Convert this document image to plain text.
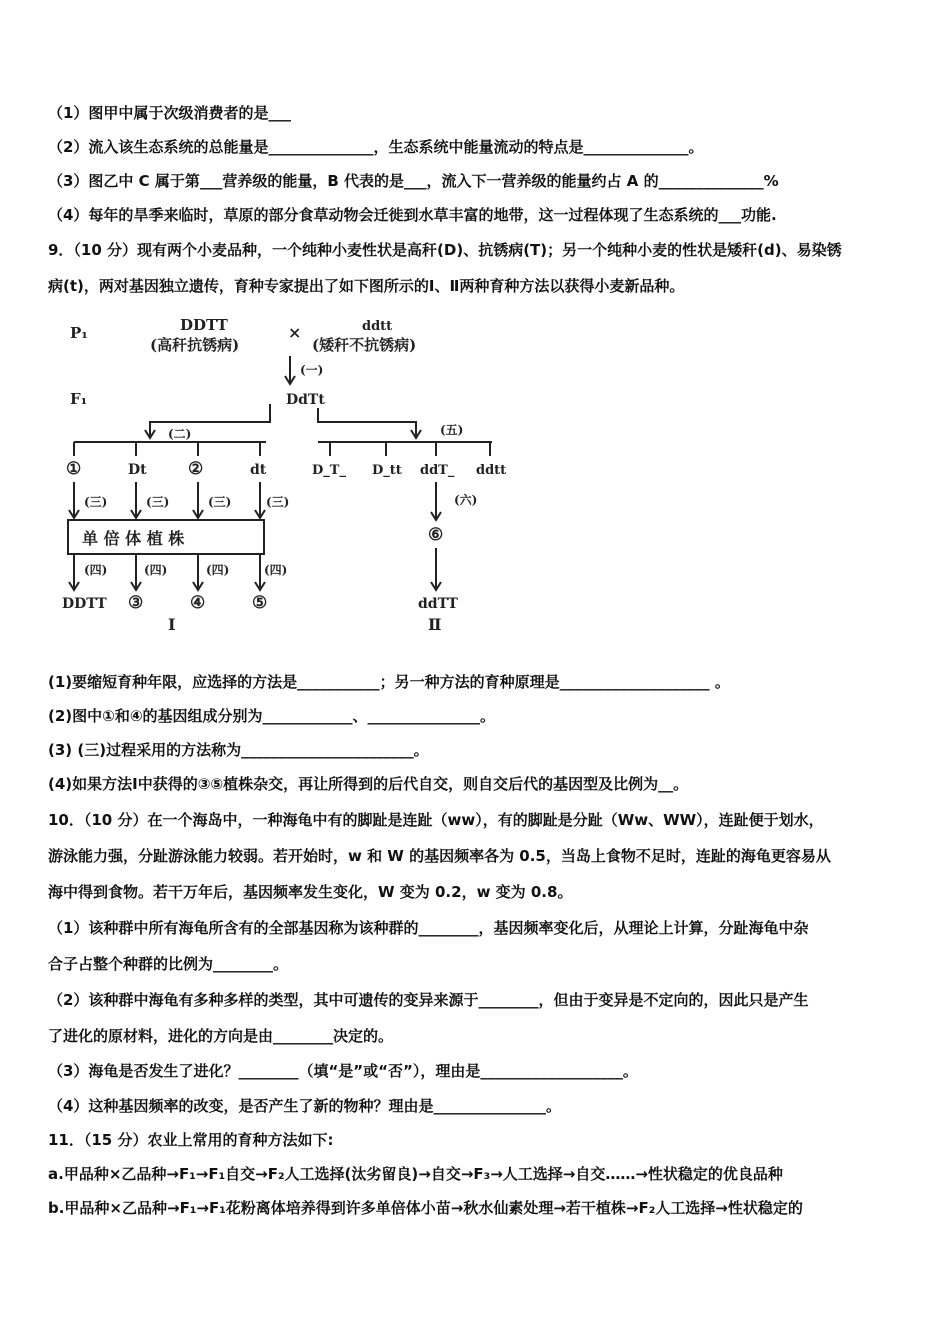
（1）图甲中属于次级消费者的是___
（2）流入该生态系统的总能量是______________，生态系统中能量流动的特点是______________。
（3）图乙中 C 属于第___营养级的能量，B 代表的是___，流入下一营养级的能量约占 A 的______________%
（4）每年的旱季来临时，草原的部分食草动物会迁徙到水草丰富的地带，这一过程体现了生态系统的___功能.
9．（10 分）现有两个小麦品种，一个纯种小麦性状是高秆(D)、抗锈病(T)；另一个纯种小麦的性状是矮秆(d)、易染锈
病(t)，两对基因独立遗传，育种专家提出了如下图所示的Ⅰ、Ⅱ两种育种方法以获得小麦新品种。
P₁	DDTT
(高秆抗锈病)
×	ddtt
(矮秆不抗锈病)
(一)
F₁	DdTt
(二)	(五)
①	Dt ②	dt	D_T_ D_tt ddT_ ddtt
(三)	(三)	(三)	(三)
单 倍 体 植 株
(四)	(四)	(四)	(四)
DDTT ③	④	⑤
Ⅰ
(六)
⑥
ddTT
Ⅱ
(1)要缩短育种年限，应选择的方法是___________；另一种方法的育种原理是____________________ 。
(2)图中①和④的基因组成分别为____________、_______________。
(3) (三)过程采用的方法称为_______________________。
(4)如果方法Ⅰ中获得的③⑤植株杂交，再让所得到的后代自交，则自交后代的基因型及比例为__。
10．（10 分）在一个海岛中，一种海龟中有的脚趾是连趾（ww），有的脚趾是分趾（Ww、WW），连趾便于划水，
游泳能力强，分趾游泳能力较弱。若开始时，w 和 W 的基因频率各为 0.5，当岛上食物不足时，连趾的海龟更容易从
海中得到食物。若干万年后，基因频率发生变化，W 变为 0.2，w 变为 0.8。
（1）该种群中所有海龟所含有的全部基因称为该种群的________，基因频率变化后，从理论上计算，分趾海龟中杂
合子占整个种群的比例为________。
（2）该种群中海龟有多种多样的类型，其中可遗传的变异来源于________，但由于变异是不定向的，因此只是产生
了进化的原材料，进化的方向是由________决定的。
（3）海龟是否发生了进化？________（填“是”或“否”），理由是___________________。
（4）这种基因频率的改变，是否产生了新的物种？理由是_______________。
11．（15 分）农业上常用的育种方法如下:
a.甲品种×乙品种→F₁→F₁自交→F₂人工选择(汰劣留良)→自交→F₃→人工选择→自交……→性状稳定的优良品种
b.甲品种×乙品种→F₁→F₁花粉离体培养得到许多单倍体小苗→秋水仙素处理→若干植株→F₂人工选择→性状稳定的
